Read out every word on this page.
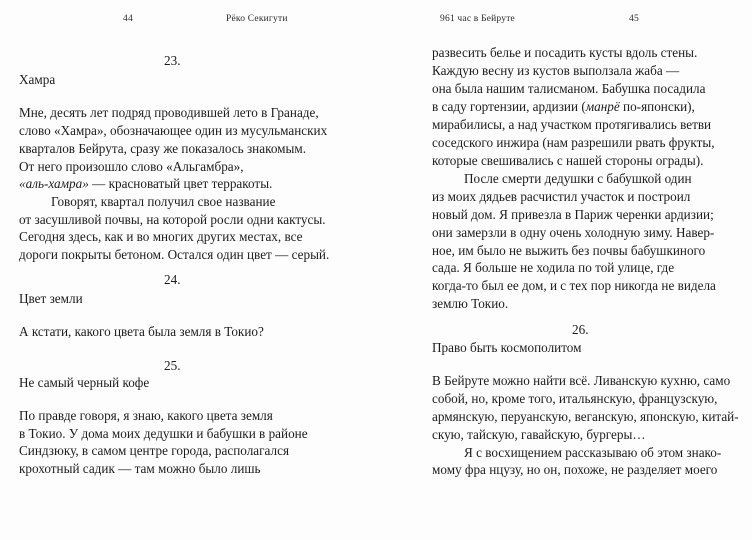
44	Рёко Секигути
23.
Хамра
Мне, десять лет подряд проводившей лето в Гранаде,
слово «Хамра», обозначающее один из мусульманских
кварталов Бейрута, сразу же показалось знакомым.
От него произошло слово «Альгамбра»,
«аль-хамра» — красноватый цвет терракоты.
Говорят, квартал получил свое название
от засушливой почвы, на которой росли одни кактусы.
Сегодня здесь, как и во многих других местах, все
дороги покрыты бетоном. Остался один цвет — серый.
24.
Цвет земли
А кстати, какого цвета была земля в Токио?
25.
Не самый черный кофе
По правде говоря, я знаю, какого цвета земля
в Токио. У дома моих дедушки и бабушки в районе
Синдзюку, в самом центре города, располагался
крохотный садик — там можно было лишь
961 час в Бейруте	45
развесить белье и посадить кусты вдоль стены.
Каждую весну из кустов выползала жаба —
она была нашим талисманом. Бабушка посадила
в саду гортензии, ардизии (манрё по-японски),
мирабилисы, а над участком протягивались ветви
соседского инжира (нам разрешили рвать фрукты,
которые свешивались с нашей стороны ограды).
После смерти дедушки с бабушкой один
из моих дядьев расчистил участок и построил
новый дом. Я привезла в Париж черенки ардизии;
они замерзли в одну очень холодную зиму. Навер-
ное, им было не выжить без почвы бабушкиного
сада. Я больше не ходила по той улице, где
когда-то был ее дом, и с тех пор никогда не видела
землю Токио.
26.
Право быть космополитом
В Бейруте можно найти всё. Ливанскую кухню, само
собой, но, кроме того, итальянскую, французскую,
армянскую, перуанскую, веганскую, японскую, китай-
скую, тайскую, гавайскую, бургеры…
Я с восхищением рассказываю об этом знако-
мому фра нцузу, но он, похоже, не разделяет моего
